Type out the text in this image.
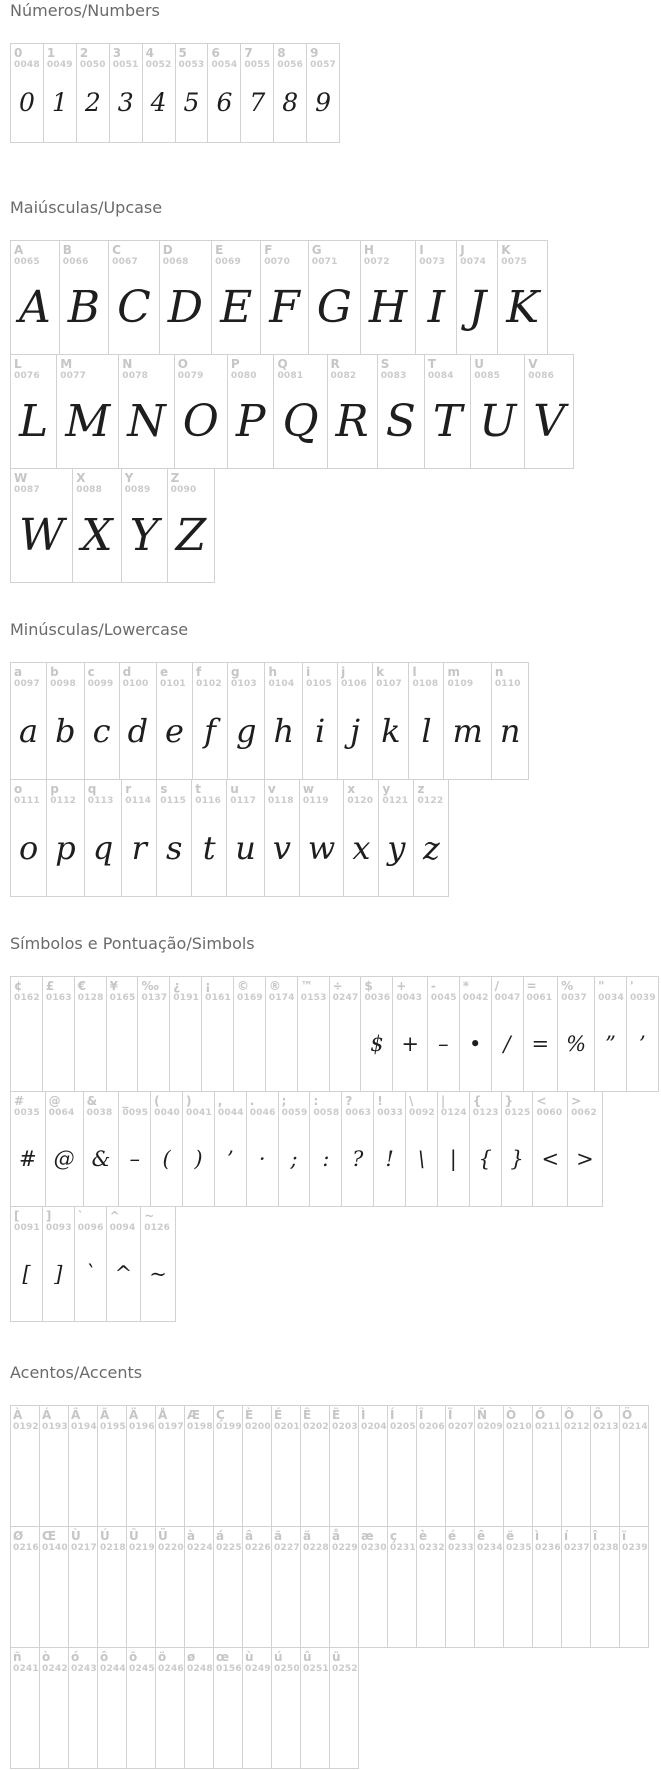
Números/Numbers
0
0048
0
1
0049
1
2
0050
2
3
0051
3
4
0052
4
5
0053
5
6
0054
6
7
0055
7
8
0056
8
9
0057
9
Maiúsculas/Upcase
A
0065
A
B
0066
B
C
0067
C
D
0068
D
E
0069
E
F
0070
F
G
0071
G
H
0072
H
I
0073
I
J
0074
J
K
0075
K
L
0076
L
M
0077
M
N
0078
N
O
0079
O
P
0080
P
Q
0081
Q
R
0082
R
S
0083
S
T
0084
T
U
0085
U
V
0086
V
W
0087
W
X
0088
X
Y
0089
Y
Z
0090
Z
Minúsculas/Lowercase
a
0097
a
b
0098
b
c
0099
c
d
0100
d
e
0101
e
f
0102
f
g
0103
g
h
0104
h
i
0105
i
j
0106
j
k
0107
k
l
0108
l
m
0109
m
n
0110
n
o
0111
o
p
0112
p
q
0113
q
r
0114
r
s
0115
s
t
0116
t
u
0117
u
v
0118
v
w
0119
w
x
0120
x
y
0121
y
z
0122
z
Símbolos e Pontuação/Simbols
¢
0162
£
0163
€
0128
¥
0165
‰
0137
¿
0191
¡
0161
©
0169
®
0174
™
0153
÷
0247
$
0036
$
+
0043
+
-
0045
–
*
0042
•
/
0047
/
=
0061
=
%
0037
%
"
0034
”
'
0039
’
#
0035
#
@
0064
@
&
0038
&
_
0095
–
(
0040
(
)
0041
)
,
0044
’
.
0046
·
;
0059
;
:
0058
:
?
0063
?
!
0033
!
\
0092
\
|
0124
|
{
0123
{
}
0125
}
<
0060
<
>
0062
>
[
0091
[
]
0093
]
`
0096
`
^
0094
^
~
0126
~
Acentos/Accents
À
0192
Á
0193
Â
0194
Ã
0195
Ä
0196
Å
0197
Æ
0198
Ç
0199
È
0200
É
0201
Ê
0202
Ë
0203
Ì
0204
Í
0205
Î
0206
Ï
0207
Ñ
0209
Ò
0210
Ó
0211
Ô
0212
Õ
0213
Ö
0214
Ø
0216
Œ
0140
Ù
0217
Ú
0218
Û
0219
Ü
0220
à
0224
á
0225
â
0226
ã
0227
ä
0228
å
0229
æ
0230
ç
0231
è
0232
é
0233
ê
0234
ë
0235
ì
0236
í
0237
î
0238
ï
0239
ñ
0241
ò
0242
ó
0243
ô
0244
õ
0245
ö
0246
ø
0248
œ
0156
ù
0249
ú
0250
û
0251
ü
0252
